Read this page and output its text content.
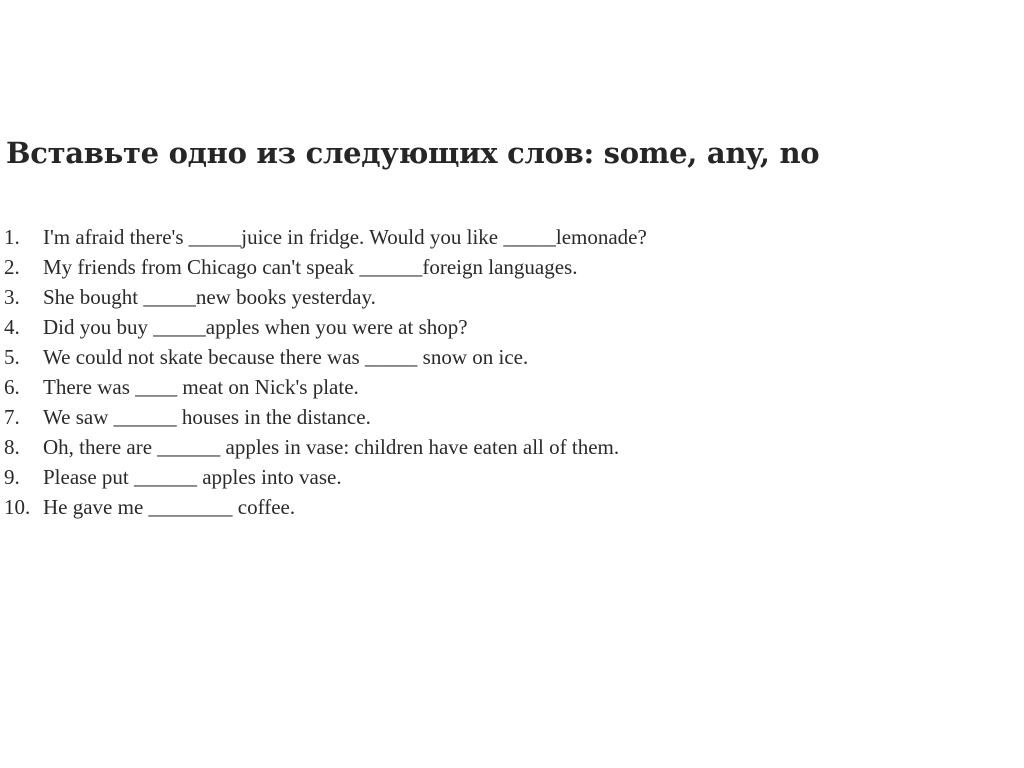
Вставьте одно из следующих слов: some, any, no
1.	I'm afraid there's _____juice in fridge. Would you like _____lemonade?
2.	My friends from Chicago can't speak ______foreign languages.
3.	She bought _____new books yesterday.
4.	Did you buy _____apples when you were at shop?
5.	We could not skate because there was _____ snow on ice.
6.	There was ____ meat on Nick's plate.
7.	We saw ______ houses in the distance.
8.	Oh, there are ______ apples in vase: children have eaten all of them.
9.	Please put ______ apples into vase.
10. He gave me ________ coffee.
